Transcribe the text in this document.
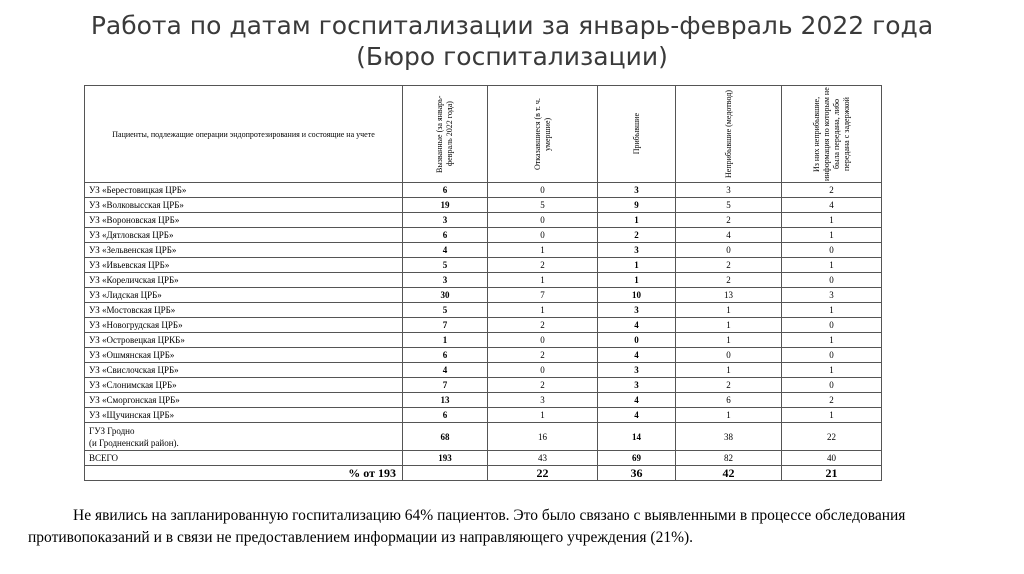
Работа по датам госпитализации за январь-февраль 2022 года
(Бюро госпитализации)
Пациенты, подлежащие операции эндопротезирования и состоящие на учете	Вызванные (за январь-февраль 2022 года)	Отказавшиеся (в т. ч. умершие)	Прибывшие	Неприбывшие (медотвод)	Из них неприбывшие, информация по которым не была передана, либо передана с задержкой

УЗ «Берестовицкая ЦРБ»	6	0	3	3	2
УЗ «Волковысская ЦРБ»	19	5	9	5	4
УЗ «Вороновская ЦРБ»	3	0	1	2	1
УЗ «Дятловская ЦРБ»	6	0	2	4	1
УЗ «Зельвенская ЦРБ»	4	1	3	0	0
УЗ «Ивьевская ЦРБ»	5	2	1	2	1
УЗ «Кореличская ЦРБ»	3	1	1	2	0
УЗ «Лидская ЦРБ»	30	7	10	13	3
УЗ «Мостовская ЦРБ»	5	1	3	1	1
УЗ «Новогрудская ЦРБ»	7	2	4	1	0
УЗ «Островецкая ЦРКБ»	1	0	0	1	1
УЗ «Ошмянская ЦРБ»	6	2	4	0	0
УЗ «Свислочская ЦРБ»	4	0	3	1	1
УЗ «Слонимская ЦРБ»	7	2	3	2	0
УЗ «Сморгонская ЦРБ»	13	3	4	6	2
УЗ «Щучинская ЦРБ»	6	1	4	1	1

ГУЗ Гродно
(и Гродненский район).	68	16	14	38	22
ВСЕГО	193	43	69	82	40
% от 193		22	36	42	21
Не явились на запланированную госпитализацию 64% пациентов. Это было связано с выявленными в процессе обследования противопоказаний и в связи не предоставлением информации из направляющего учреждения (21%).
